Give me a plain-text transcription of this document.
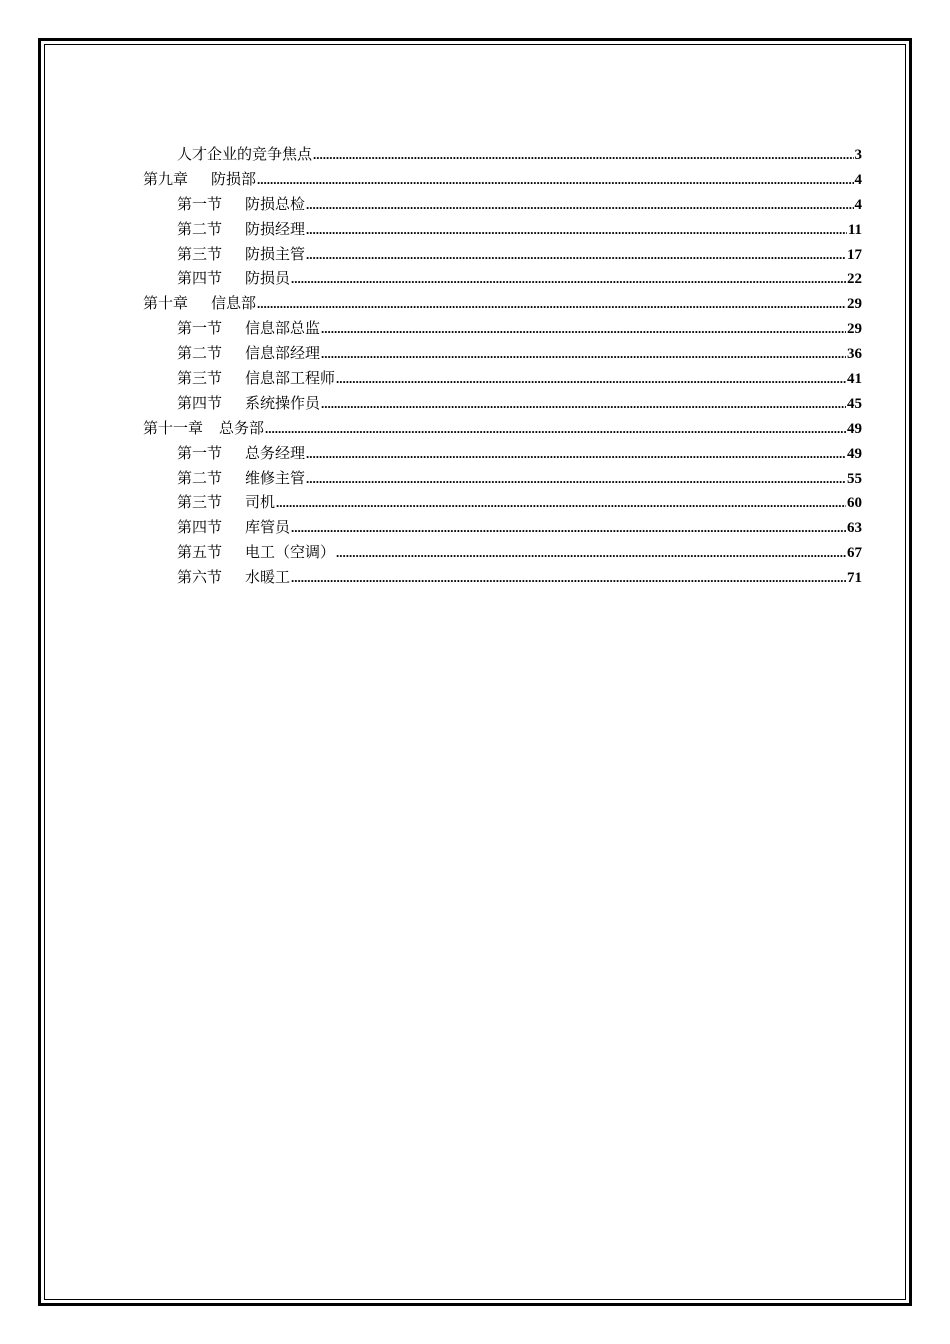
人才企业的竞争焦点 .....	3
第九章 防损部 .....	4
第一节 防损总检 .....	4
第二节 防损经理 .....	11
第三节 防损主管 .....	17
第四节 防损员 .....	22
第十章 信息部 .....	29
第一节 信息部总监 .....	29
第二节 信息部经理 .....	36
第三节 信息部工程师 .....	41
第四节 系统操作员 .....	45
第十一章 总务部 .....	49
第一节 总务经理 .....	49
第二节 维修主管 .....	55
第三节 司机 .....	60
第四节 库管员 .....	63
第五节 电工（空调） .....	67
第六节 水暖工 .....	71
